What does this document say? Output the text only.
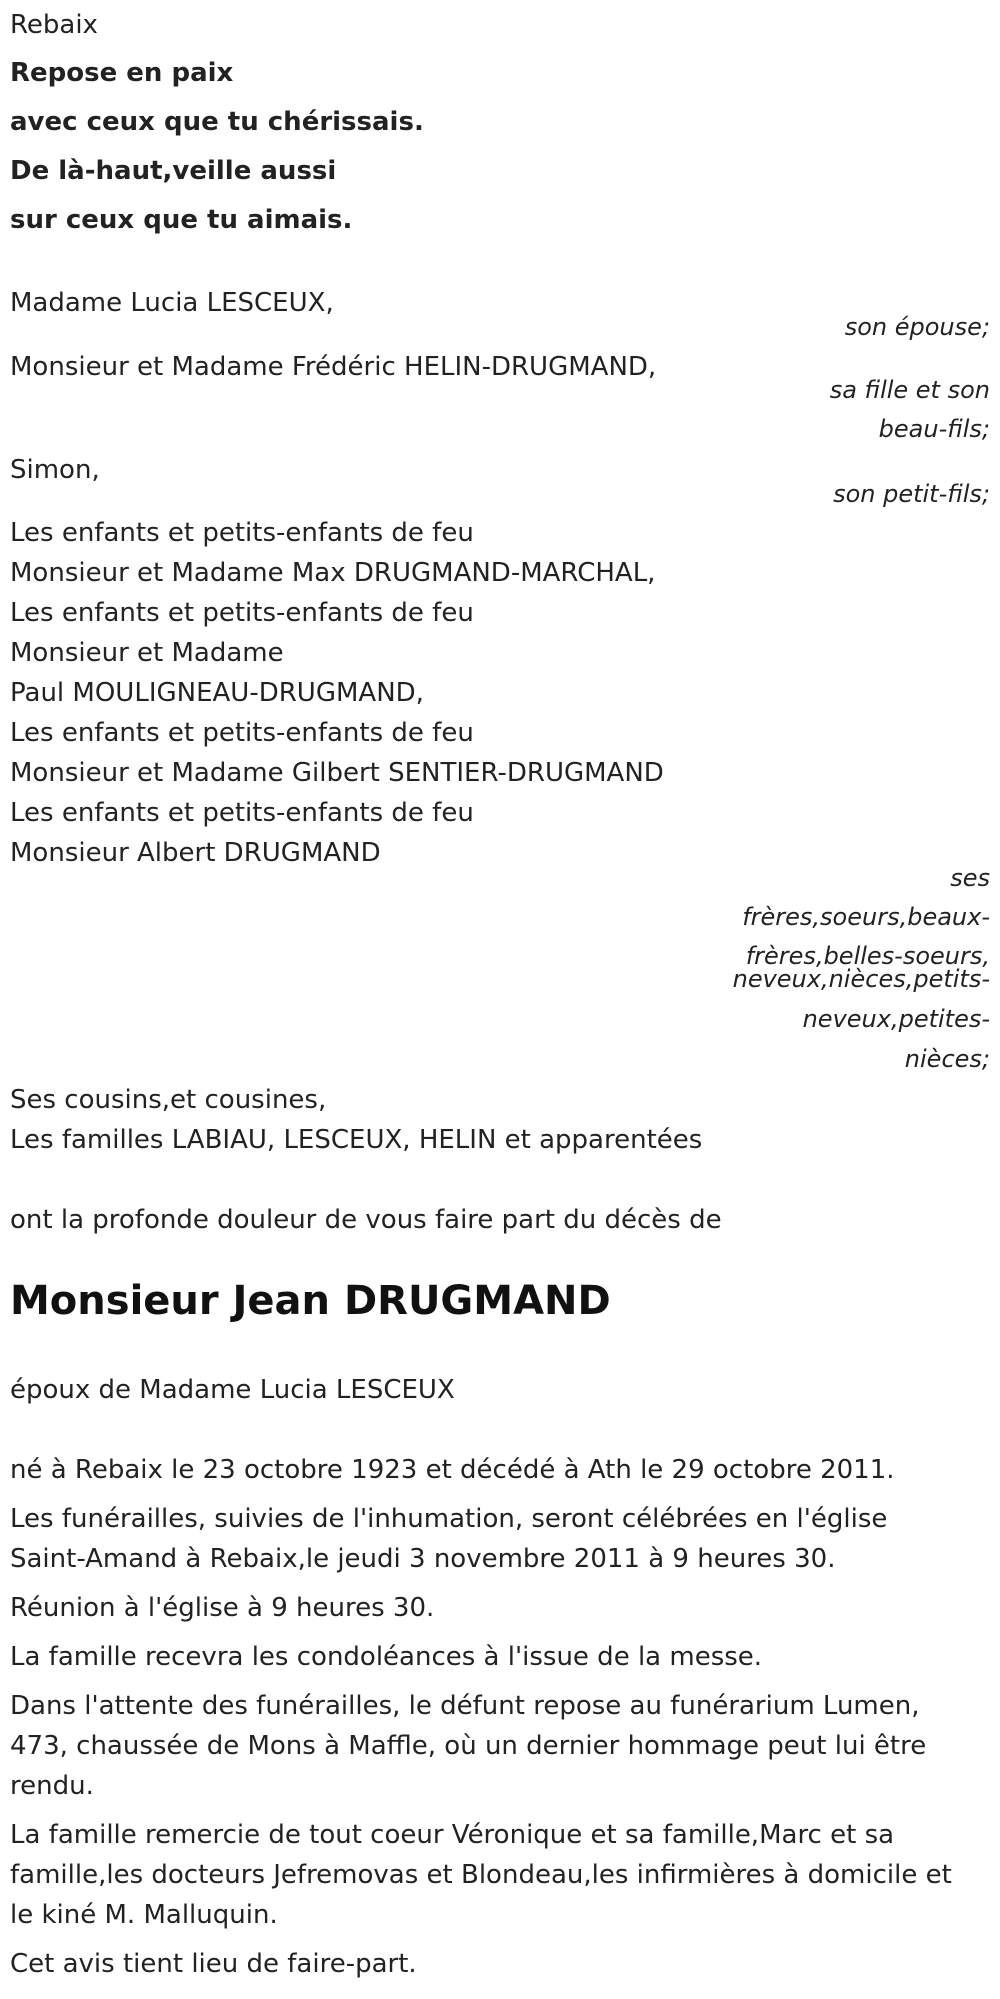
Rebaix
Repose en paix
avec ceux que tu chérissais.
De là-haut,veille aussi
sur ceux que tu aimais.
Madame Lucia LESCEUX,
son épouse;
Monsieur et Madame Frédéric HELIN-DRUGMAND,
sa fille et son
beau-fils;
Simon,
son petit-fils;
Les enfants et petits-enfants de feu
Monsieur et Madame Max DRUGMAND-MARCHAL,
Les enfants et petits-enfants de feu
Monsieur et Madame
Paul MOULIGNEAU-DRUGMAND,
Les enfants et petits-enfants de feu
Monsieur et Madame Gilbert SENTIER-DRUGMAND
Les enfants et petits-enfants de feu
Monsieur Albert DRUGMAND
ses
frères,soeurs,beaux-
frères,belles-soeurs,
neveux,nièces,petits-
neveux,petites-
nièces;
Ses cousins,et cousines,
Les familles LABIAU, LESCEUX, HELIN et apparentées
ont la profonde douleur de vous faire part du décès de
Monsieur Jean DRUGMAND
époux de Madame Lucia LESCEUX
né à Rebaix le 23 octobre 1923 et décédé à Ath le 29 octobre 2011.
Les funérailles, suivies de l'inhumation, seront célébrées en l'église
Saint-Amand à Rebaix,le jeudi 3 novembre 2011 à 9 heures 30.
Réunion à l'église à 9 heures 30.
La famille recevra les condoléances à l'issue de la messe.
Dans l'attente des funérailles, le défunt repose au funérarium Lumen,
473, chaussée de Mons à Maffle, où un dernier hommage peut lui être
rendu.
La famille remercie de tout coeur Véronique et sa famille,Marc et sa
famille,les docteurs Jefremovas et Blondeau,les infirmières à domicile et
le kiné M. Malluquin.
Cet avis tient lieu de faire-part.
